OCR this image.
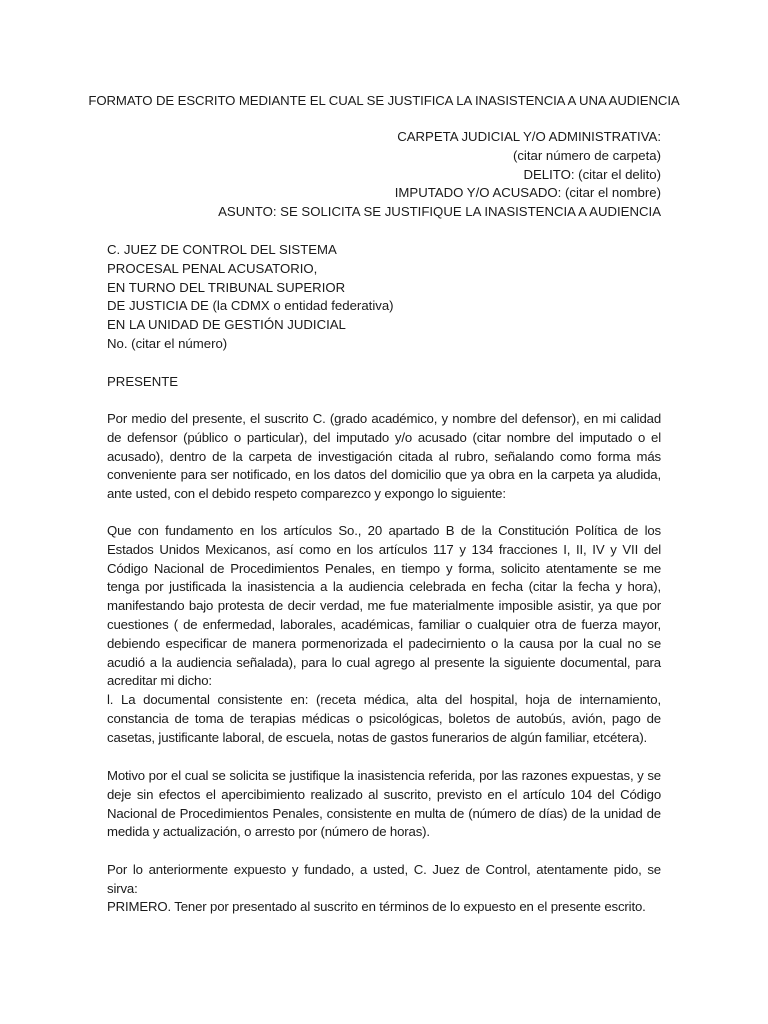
FORMATO DE ESCRITO MEDIANTE EL CUAL SE JUSTIFICA LA INASISTENCIA A UNA AUDIENCIA
CARPETA JUDICIAL Y/O ADMINISTRATIVA:
(citar número de carpeta)
DELITO: (citar el delito)
IMPUTADO Y/O ACUSADO: (citar el nombre)
ASUNTO: SE SOLICITA SE JUSTIFIQUE LA INASISTENCIA A AUDIENCIA
C. JUEZ DE CONTROL DEL SISTEMA
PROCESAL PENAL ACUSATORIO,
EN TURNO DEL TRIBUNAL SUPERIOR
DE JUSTICIA DE (la CDMX o entidad federativa)
EN LA UNIDAD DE GESTIÓN JUDICIAL
No. (citar el número)
PRESENTE
Por medio del presente, el suscrito C. (grado académico, y nombre del defensor), en mi calidad de defensor (público o particular), del imputado y/o acusado (citar nombre del imputado o el acusado), dentro de la carpeta de investigación citada al rubro, señalando como forma más conveniente para ser notificado, en los datos del domicilio que ya obra en la carpeta ya aludida, ante usted, con el debido respeto comparezco y expongo lo siguiente:
Que con fundamento en los artículos So., 20 apartado B de la Constitución Política de los Estados Unidos Mexicanos, así como en los artículos 117 y 134 fracciones I, II, IV y VII del Código Nacional de Procedimientos Penales, en tiempo y forma, solicito atentamente se me tenga por justificada la inasistencia a la audiencia celebrada en fecha (citar la fecha y hora), manifestando bajo protesta de decir verdad, me fue materialmente imposible asistir, ya que por cuestiones ( de enfermedad, laborales, académicas, familiar o cualquier otra de fuerza mayor, debiendo especificar de manera pormenorizada el padecirniento o la causa por la cual no se acudió a la audiencia señalada), para lo cual agrego al presente la siguiente documental, para acreditar mi dicho:
l. La documental consistente en: (receta médica, alta del hospital, hoja de internamiento, constancia de toma de terapias médicas o psicológicas, boletos de autobús, avión, pago de casetas, justificante laboral, de escuela, notas de gastos funerarios de algún familiar, etcétera).
Motivo por el cual se solicita se justifique la inasistencia referida, por las razones expuestas, y se deje sin efectos el apercibimiento realizado al suscrito, previsto en el artículo 104 del Código Nacional de Procedimientos Penales, consistente en multa de (número de días) de la unidad de medida y actualización, o arresto por (número de horas).
Por lo anteriormente expuesto y fundado, a usted, C. Juez de Control, atentamente pido, se sirva:
PRIMERO. Tener por presentado al suscrito en términos de lo expuesto en el presente escrito.
